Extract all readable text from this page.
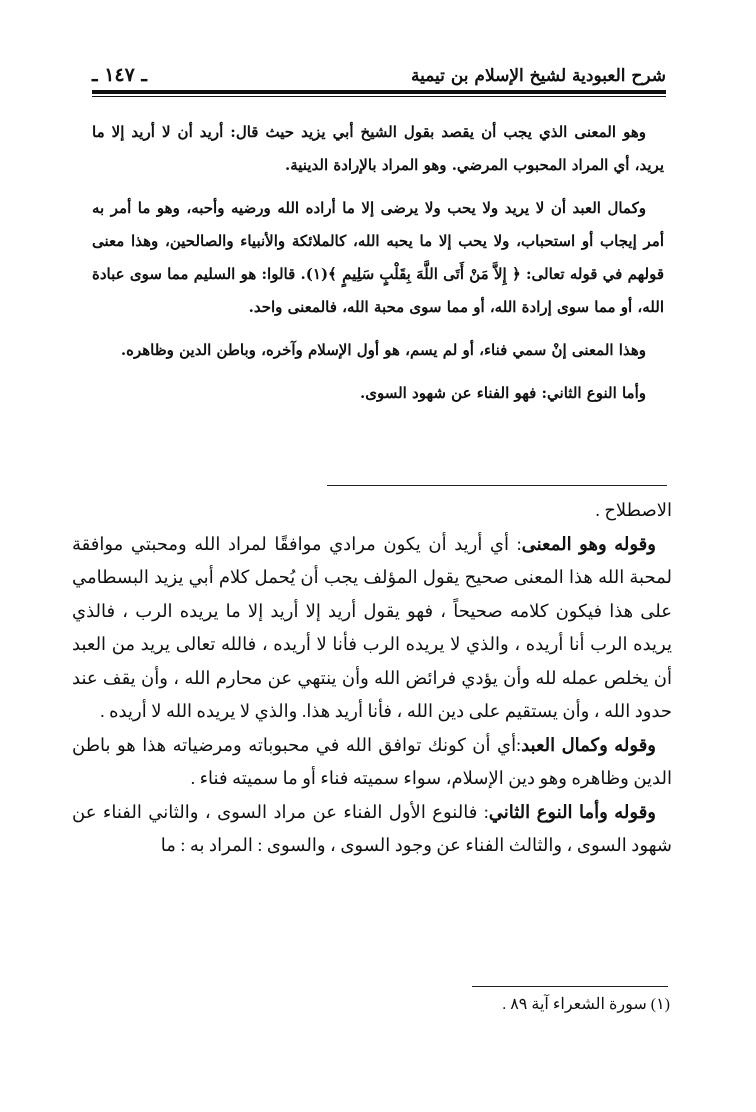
شرح العبودية لشيخ الإسلام بن تيمية
ـ ١٤٧ ـ

وهو المعنى الذي يجب أن يقصد بقول الشيخ أبي يزيد حيث قال: أريد أن لا أريد إلا ما يريد، أي المراد المحبوب المرضي. وهو المراد بالإرادة الدينية.

وكمال العبد أن لا يريد ولا يحب ولا يرضى إلا ما أراده الله ورضيه وأحبه، وهو ما أمر به أمر إيجاب أو استحباب، ولا يحب إلا ما يحبه الله، كالملائكة والأنبياء والصالحين، وهذا معنى قولهم في قوله تعالى: ﴿ إِلاَّ مَنْ أَتَى اللَّهَ بِقَلْبٍ سَلِيمٍ ﴾(١). قالوا: هو السليم مما سوى عبادة الله، أو مما سوى إرادة الله، أو مما سوى محبة الله، فالمعنى واحد.

وهذا المعنى إنْ سمي فناء، أو لم يسم، هو أول الإسلام وآخره، وباطن الدين وظاهره.

وأما النوع الثاني: فهو الفناء عن شهود السوى.

الاصطلاح .

وقوله وهو المعنى: أي أريد أن يكون مرادي موافقًا لمراد الله ومحبتي موافقة لمحبة الله هذا المعنى صحيح يقول المؤلف يجب أن يُحمل كلام أبي يزيد البسطامي على هذا فيكون كلامه صحيحاً ، فهو يقول أريد إلا أريد إلا ما يريده الرب ، فالذي يريده الرب أنا أريده ، والذي لا يريده الرب فأنا لا أريده ، فالله تعالى يريد من العبد أن يخلص عمله لله وأن يؤدي فرائض الله وأن ينتهي عن محارم الله ، وأن يقف عند حدود الله ، وأن يستقيم على دين الله ، فأنا أريد هذا. والذي لا يريده الله لا أريده .

وقوله وكمال العبد:أي أن كونك توافق الله في محبوباته ومرضياته هذا هو باطن الدين وظاهره وهو دين الإسلام، سواء سميته فناء أو ما سميته فناء .

وقوله وأما النوع الثاني: فالنوع الأول الفناء عن مراد السوى ، والثاني الفناء عن شهود السوى ، والثالث الفناء عن وجود السوى ، والسوى : المراد به : ما

(١) سورة الشعراء آية ٨٩ .
